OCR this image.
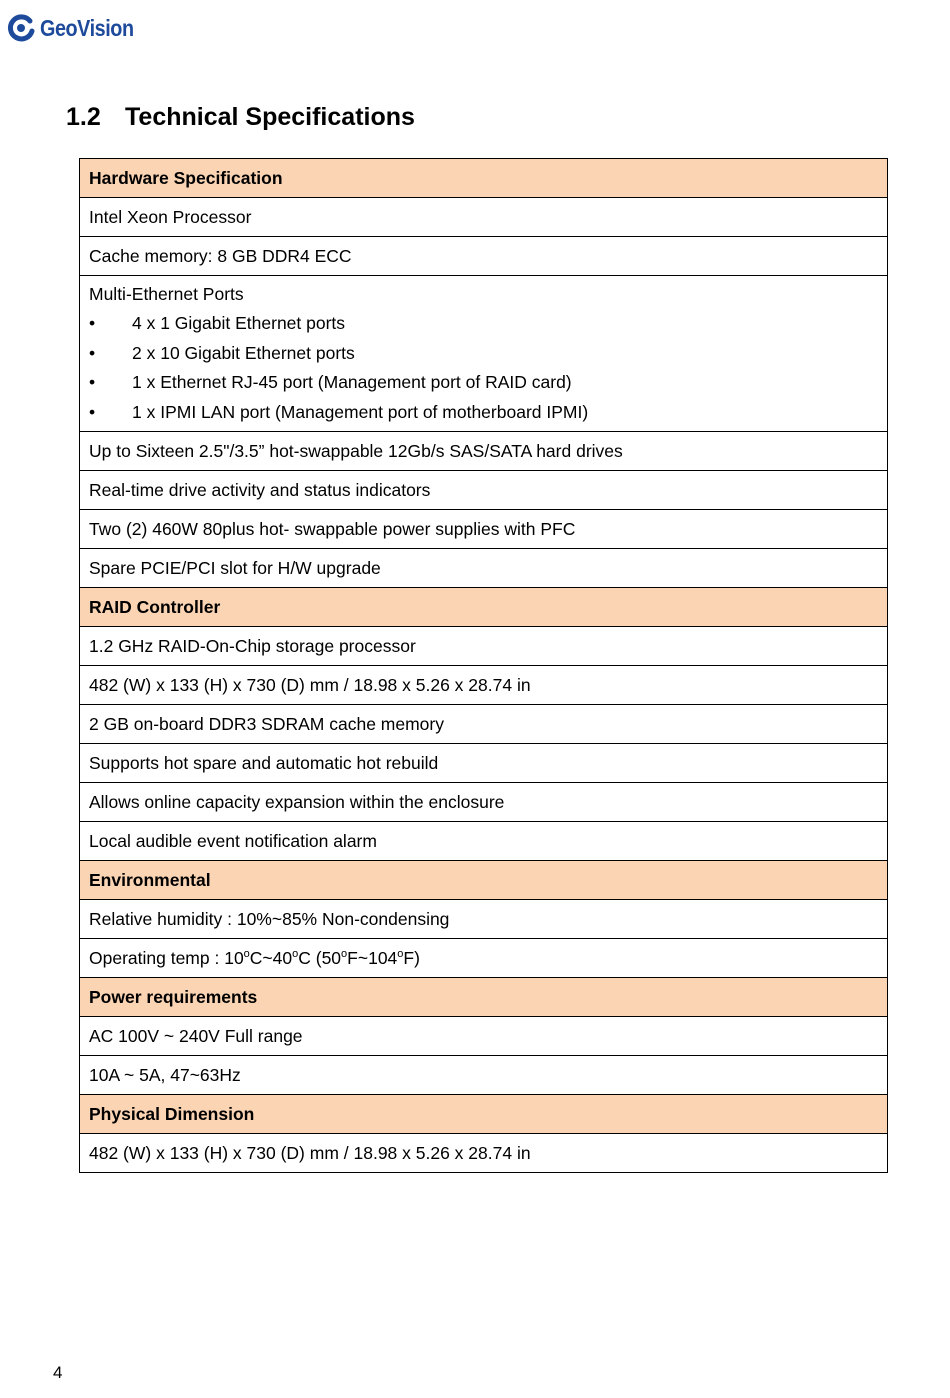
GeoVision
1.2 Technical Specifications
Hardware Specification
Intel Xeon Processor
Cache memory: 8 GB DDR4 ECC

Multi-Ethernet Ports
•	4 x 1 Gigabit Ethernet ports
•	2 x 10 Gigabit Ethernet ports
•	1 x Ethernet RJ-45 port (Management port of RAID card)
•	1 x IPMI LAN port (Management port of motherboard IPMI)

Up to Sixteen 2.5"/3.5” hot-swappable 12Gb/s SAS/SATA hard drives
Real-time drive activity and status indicators
Two (2) 460W 80plus hot- swappable power supplies with PFC
Spare PCIE/PCI slot for H/W upgrade
RAID Controller
1.2 GHz RAID-On-Chip storage processor
482 (W) x 133 (H) x 730 (D) mm / 18.98 x 5.26 x 28.74 in
2 GB on-board DDR3 SDRAM cache memory
Supports hot spare and automatic hot rebuild
Allows online capacity expansion within the enclosure
Local audible event notification alarm
Environmental
Relative humidity : 10%~85% Non-condensing
Operating temp : 10$^o$C~40$^o$C (50$^o$F~104$^o$F)
Power requirements
AC 100V ~ 240V Full range
10A ~ 5A, 47~63Hz
Physical Dimension
482 (W) x 133 (H) x 730 (D) mm / 18.98 x 5.26 x 28.74 in
4
